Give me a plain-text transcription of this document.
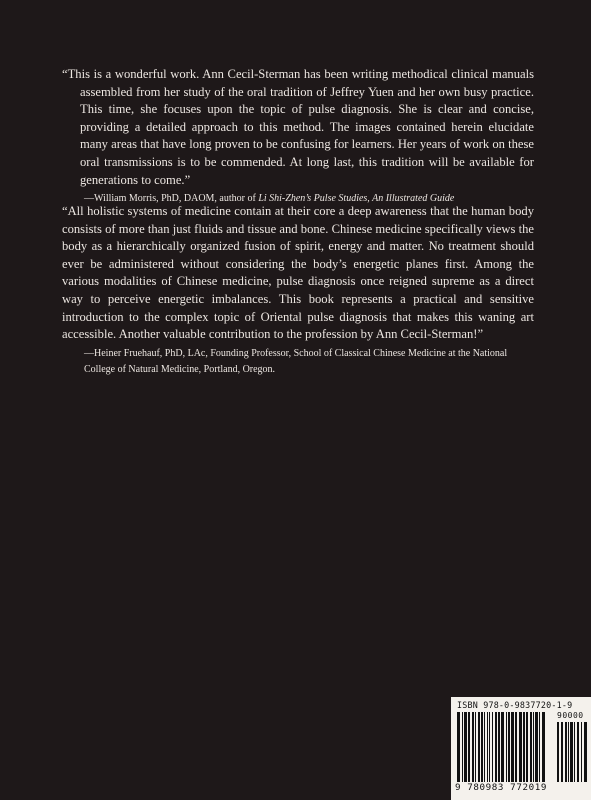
“This is a wonderful work. Ann Cecil-Sterman has been writing methodical clinical manuals assembled from her study of the oral tradition of Jeffrey Yuen and her own busy practice. This time, she focuses upon the topic of pulse diagnosis. She is clear and concise, providing a detailed approach to this method. The images contained herein elucidate many areas that have long proven to be confusing for learners. Her years of work on these oral transmissions is to be commended. At long last, this tradition will be available for generations to come.”
—William Morris, PhD, DAOM, author of Li Shi-Zhen’s Pulse Studies, An Illustrated Guide
“All holistic systems of medicine contain at their core a deep awareness that the human body consists of more than just fluids and tissue and bone. Chinese medicine specifically views the body as a hierarchically organized fusion of spirit, energy and matter. No treatment should ever be administered without considering the body’s energetic planes first. Among the various modalities of Chinese medicine, pulse diagnosis once reigned supreme as a direct way to perceive energetic imbalances. This book represents a practical and sensitive introduction to the complex topic of Oriental pulse diagnosis that makes this waning art accessible. Another valuable contribution to the profession by Ann Cecil-Sterman!”
—Heiner Fruehauf, PhD, LAc, Founding Professor, School of Classical Chinese Medicine at the National College of Natural Medicine, Portland, Oregon.
ISBN 978-0-9837720-1-9
90000
9 780983 772019
